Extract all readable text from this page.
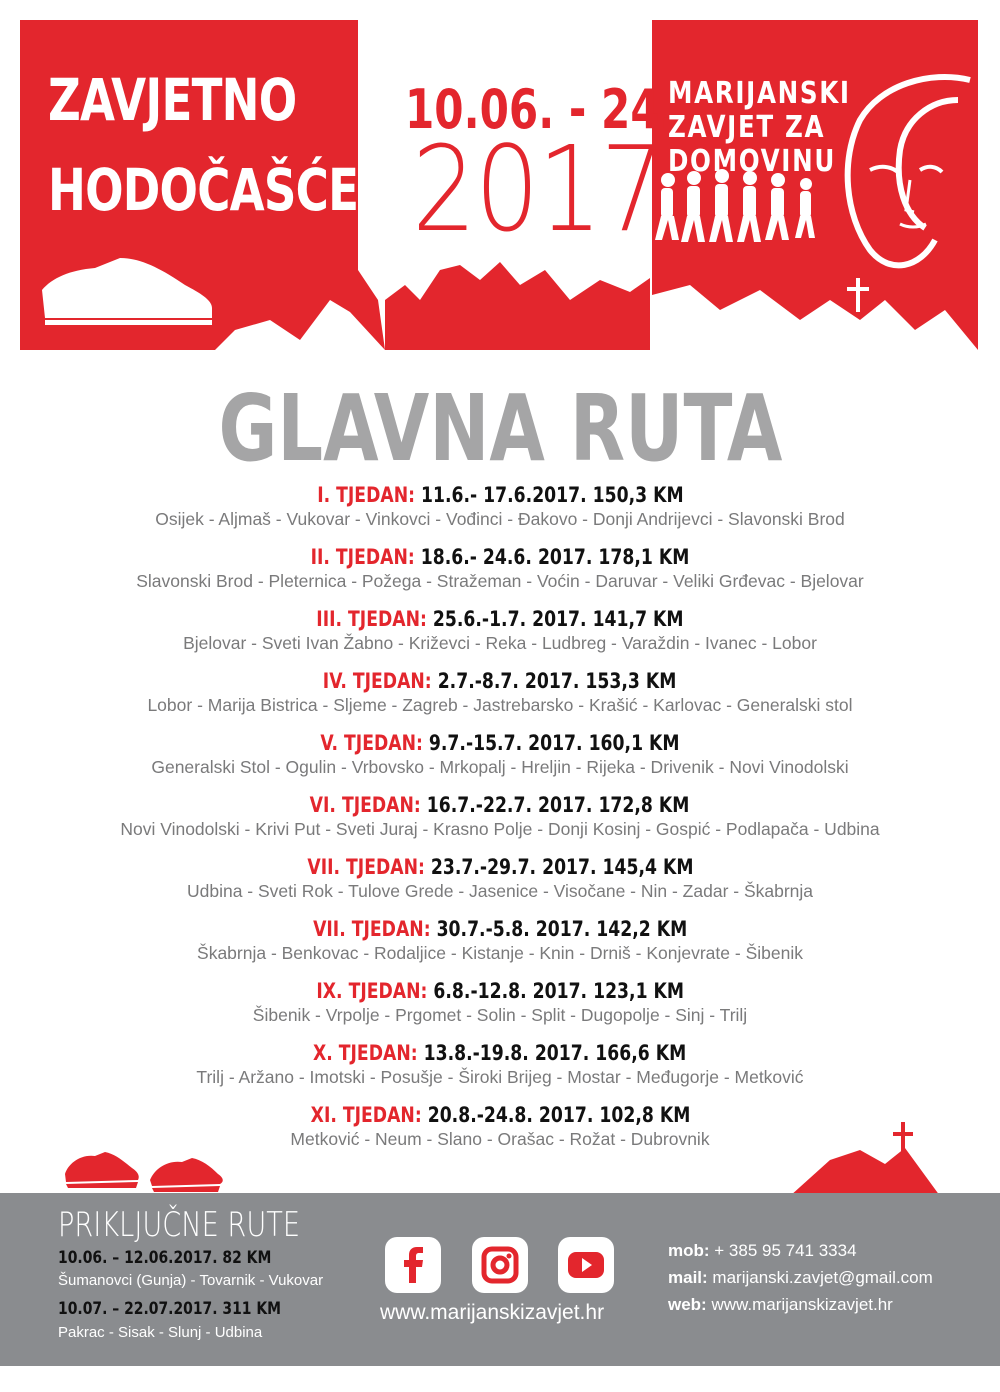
ZAVJETNO
HODOČAŠĆE
10.06. - 24.8.
2017.
MARIJANSKI
ZAVJET ZA
DOMOVINU
GLAVNA RUTA
I. TJEDAN: 11.6.- 17.6.2017. 150,3 KM
Osijek - Aljmaš - Vukovar - Vinkovci - Vođinci - Đakovo - Donji Andrijevci - Slavonski Brod
II. TJEDAN: 18.6.- 24.6. 2017. 178,1 KM
Slavonski Brod - Pleternica - Požega - Stražeman - Voćin - Daruvar - Veliki Grđevac - Bjelovar
III. TJEDAN: 25.6.-1.7. 2017. 141,7 KM
Bjelovar - Sveti Ivan Žabno - Križevci - Reka - Ludbreg - Varaždin - Ivanec - Lobor
IV. TJEDAN: 2.7.-8.7. 2017. 153,3 KM
Lobor - Marija Bistrica - Sljeme - Zagreb - Jastrebarsko - Krašić - Karlovac - Generalski stol
V. TJEDAN: 9.7.-15.7. 2017. 160,1 KM
Generalski Stol - Ogulin - Vrbovsko - Mrkopalj - Hreljin - Rijeka - Drivenik - Novi Vinodolski
VI. TJEDAN: 16.7.-22.7. 2017. 172,8 KM
Novi Vinodolski - Krivi Put - Sveti Juraj - Krasno Polje - Donji Kosinj - Gospić - Podlapača - Udbina
VII. TJEDAN: 23.7.-29.7. 2017. 145,4 KM
Udbina - Sveti Rok - Tulove Grede - Jasenice - Visočane - Nin - Zadar - Škabrnja
VII. TJEDAN: 30.7.-5.8. 2017. 142,2 KM
Škabrnja - Benkovac - Rodaljice - Kistanje - Knin - Drniš - Konjevrate - Šibenik
IX. TJEDAN: 6.8.-12.8. 2017. 123,1 KM
Šibenik - Vrpolje - Prgomet - Solin - Split - Dugopolje - Sinj - Trilj
X. TJEDAN: 13.8.-19.8. 2017. 166,6 KM
Trilj - Aržano - Imotski - Posušje - Široki Brijeg - Mostar - Međugorje - Metković
XI. TJEDAN: 20.8.-24.8. 2017. 102,8 KM
Metković - Neum - Slano - Orašac - Rožat - Dubrovnik
PRIKLJUČNE RUTE
10.06. – 12.06.2017. 82 KM
Šumanovci (Gunja) - Tovarnik - Vukovar
10.07. – 22.07.2017. 311 KM
Pakrac - Sisak - Slunj - Udbina
www.marijanskizavjet.hr
mob: + 385 95 741 3334
mail: marijanski.zavjet@gmail.com
web: www.marijanskizavjet.hr
